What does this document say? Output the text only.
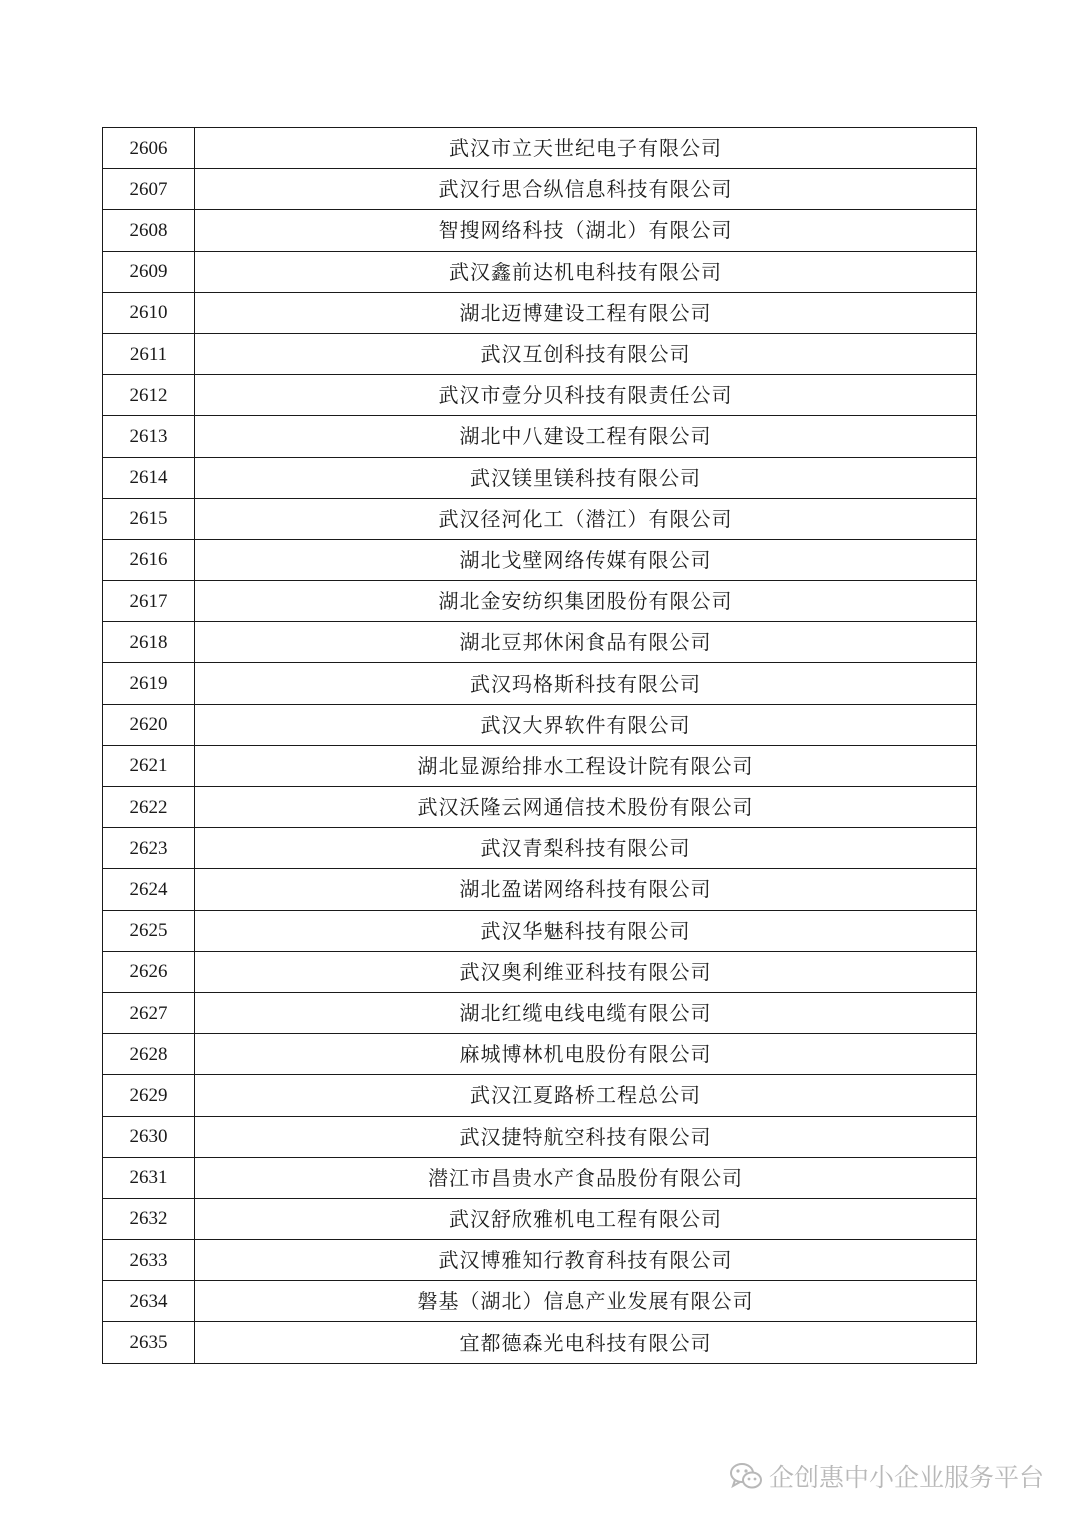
2606	武汉市立天世纪电子有限公司
2607	武汉行思合纵信息科技有限公司
2608	智搜网络科技（湖北）有限公司
2609	武汉鑫前达机电科技有限公司
2610	湖北迈博建设工程有限公司
2611	武汉互创科技有限公司
2612	武汉市壹分贝科技有限责任公司
2613	湖北中八建设工程有限公司
2614	武汉镁里镁科技有限公司
2615	武汉径河化工（潜江）有限公司
2616	湖北戈壁网络传媒有限公司
2617	湖北金安纺织集团股份有限公司
2618	湖北豆邦休闲食品有限公司
2619	武汉玛格斯科技有限公司
2620	武汉大界软件有限公司
2621	湖北显源给排水工程设计院有限公司
2622	武汉沃隆云网通信技术股份有限公司
2623	武汉青梨科技有限公司
2624	湖北盈诺网络科技有限公司
2625	武汉华魅科技有限公司
2626	武汉奥利维亚科技有限公司
2627	湖北红缆电线电缆有限公司
2628	麻城博林机电股份有限公司
2629	武汉江夏路桥工程总公司
2630	武汉捷特航空科技有限公司
2631	潜江市昌贵水产食品股份有限公司
2632	武汉舒欣雅机电工程有限公司
2633	武汉博雅知行教育科技有限公司
2634	磐基（湖北）信息产业发展有限公司
2635	宜都德森光电科技有限公司
企创惠中小企业服务平台
